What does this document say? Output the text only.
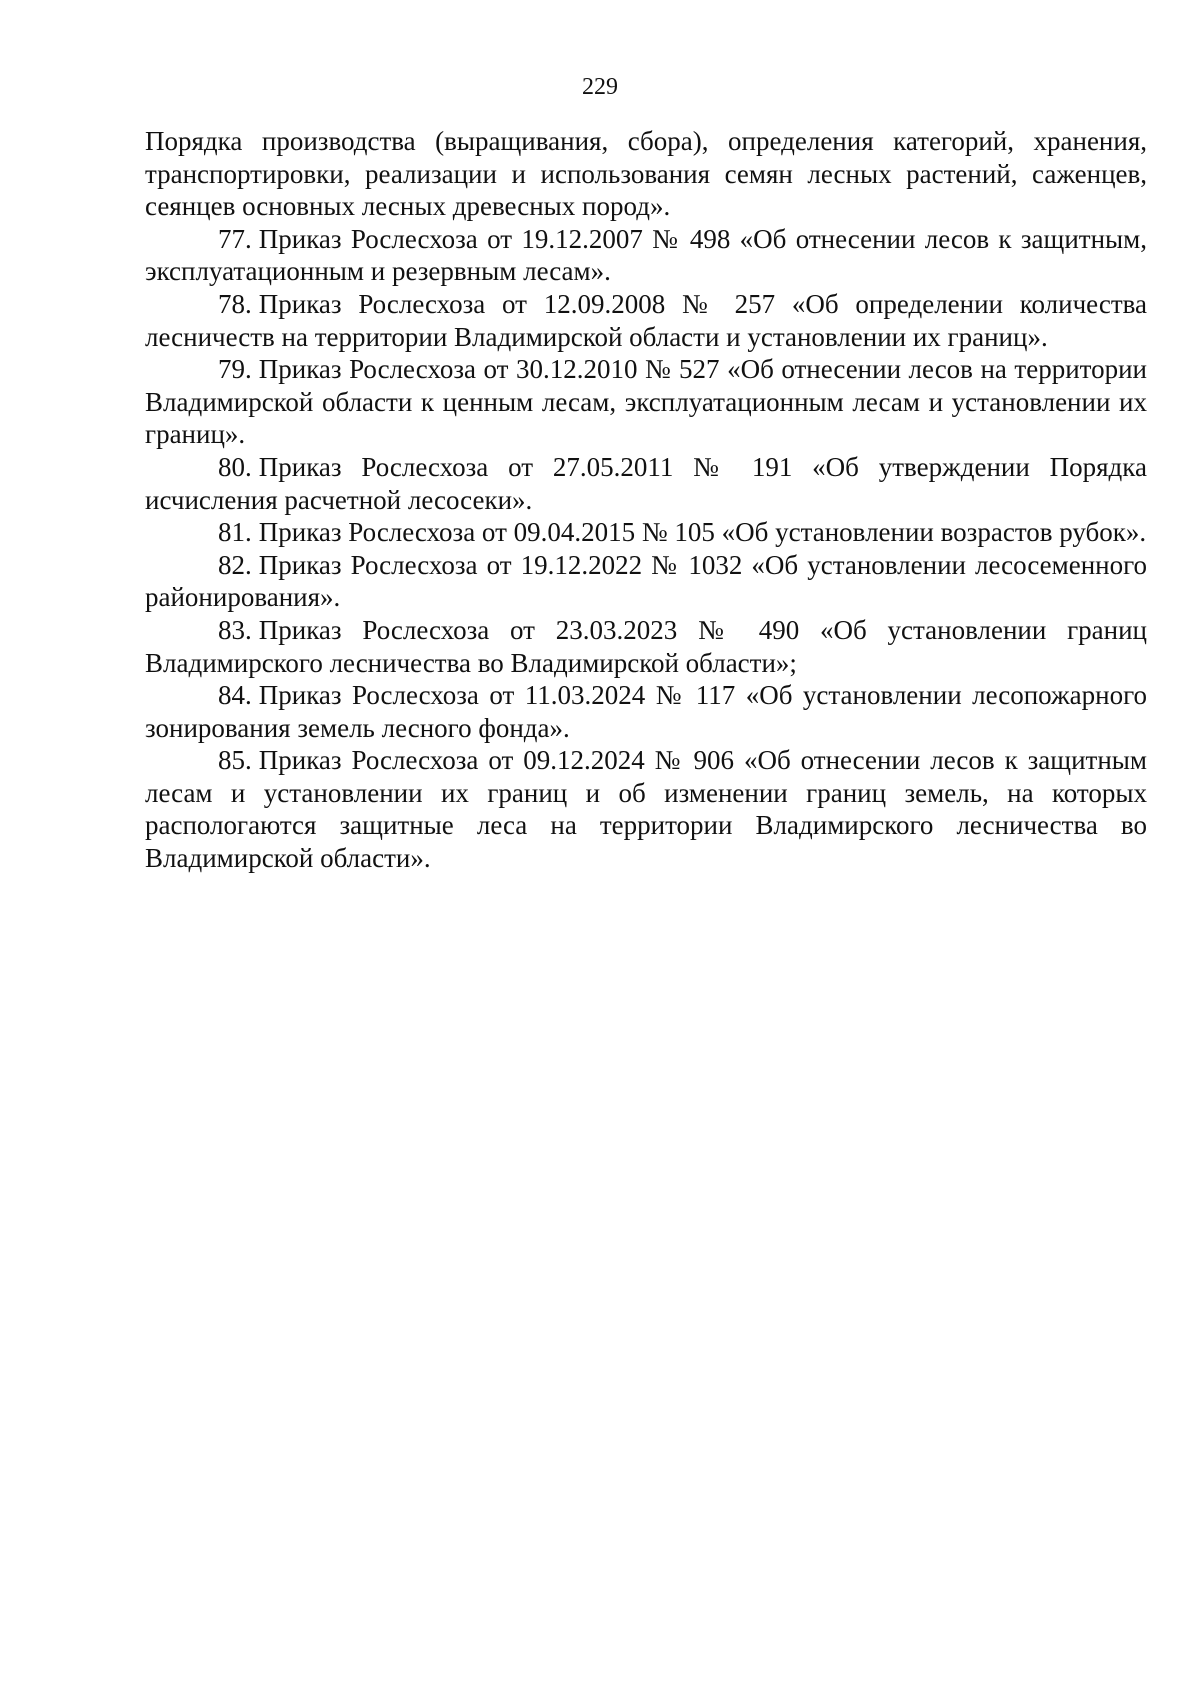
229

Порядка производства (выращивания, сбора), определения категорий, хранения, транспортировки, реализации и использования семян лесных растений, саженцев, сеянцев основных лесных древесных пород».

77. Приказ Рослесхоза от 19.12.2007 № 498 «Об отнесении лесов к защитным, эксплуатационным и резервным лесам».

78. Приказ Рослесхоза от 12.09.2008 № 257 «Об определении количества лесничеств на территории Владимирской области и установлении их границ».

79. Приказ Рослесхоза от 30.12.2010 № 527 «Об отнесении лесов на территории Владимирской области к ценным лесам, эксплуатационным лесам и установлении их границ».

80. Приказ Рослесхоза от 27.05.2011 № 191 «Об утверждении Порядка исчисления расчетной лесосеки».

81. Приказ Рослесхоза от 09.04.2015 № 105 «Об установлении возрастов рубок».

82. Приказ Рослесхоза от 19.12.2022 № 1032 «Об установлении лесосеменного районирования».

83. Приказ Рослесхоза от 23.03.2023 № 490 «Об установлении границ Владимирского лесничества во Владимирской области»;

84. Приказ Рослесхоза от 11.03.2024 № 117 «Об установлении лесопожарного зонирования земель лесного фонда».

85. Приказ Рослесхоза от 09.12.2024 № 906 «Об отнесении лесов к защитным лесам и установлении их границ и об изменении границ земель, на которых распологаются защитные леса на территории Владимирского лесничества во Владимирской области».
